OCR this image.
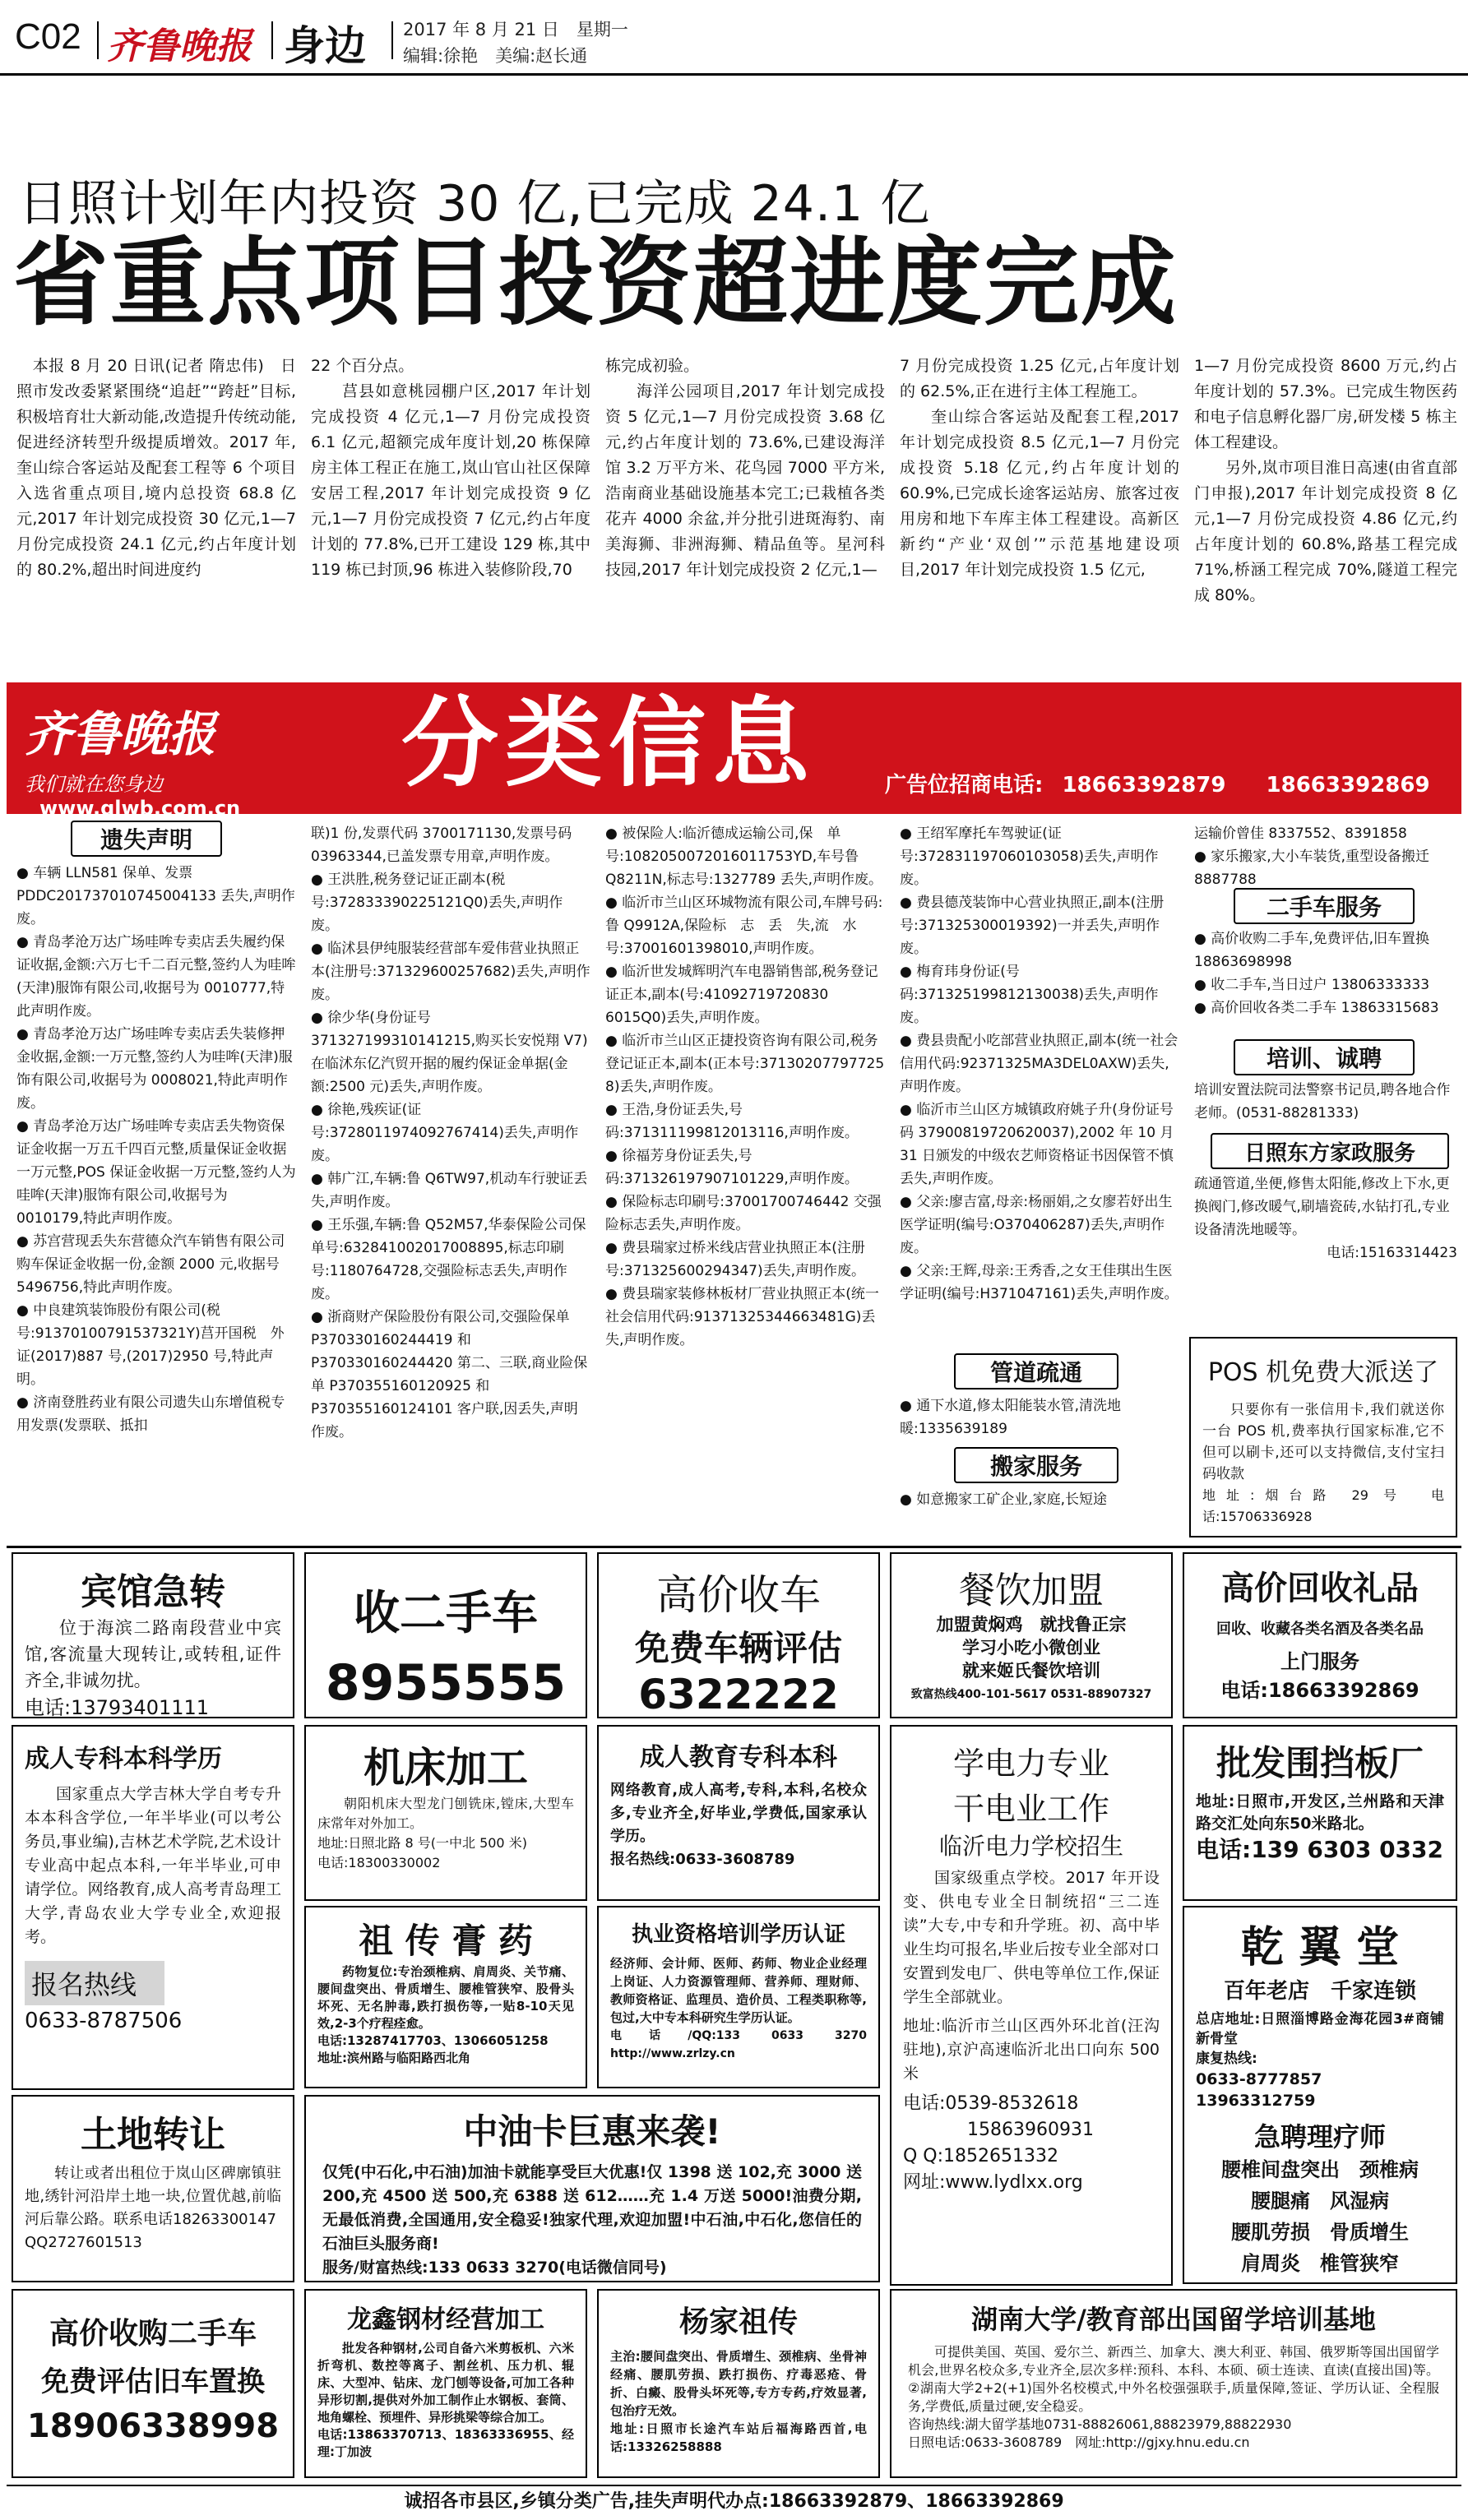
C02 齐鲁晚报 身边 2017 年 8 月 21 日　星期一
编辑:徐艳　美编:赵长通
日照计划年内投资 30 亿,已完成 24.1 亿
省重点项目投资超进度完成

　本报 8 月 20 日讯(记者 隋忠伟)　日照市发改委紧紧围绕“追赶”“跨赶”目标,积极培育壮大新动能,改造提升传统动能,促进经济转型升级提质增效。2017 年,奎山综合客运站及配套工程等 6 个项目入选省重点项目,境内总投资 68.8 亿元,2017 年计划完成投资 30 亿元,1—7 月份完成投资 24.1 亿元,约占年度计划的 80.2%,超出时间进度约

22 个百分点。

莒县如意桃园棚户区,2017 年计划完成投资 4 亿元,1—7 月份完成投资 6.1 亿元,超额完成年度计划,20 栋保障房主体工程正在施工,岚山官山社区保障安居工程,2017 年计划完成投资 9 亿元,1—7 月份完成投资 7 亿元,约占年度计划的 77.8%,已开工建设 129 栋,其中 119 栋已封顶,96 栋进入装修阶段,70

栋完成初验。

海洋公园项目,2017 年计划完成投资 5 亿元,1—7 月份完成投资 3.68 亿元,约占年度计划的 73.6%,已建设海洋馆 3.2 万平方米、花鸟园 7000 平方米,浩南商业基础设施基本完工;已栽植各类花卉 4000 余盆,并分批引进斑海豹、南美海狮、非洲海狮、精品鱼等。星河科技园,2017 年计划完成投资 2 亿元,1—

7 月份完成投资 1.25 亿元,占年度计划的 62.5%,正在进行主体工程施工。

奎山综合客运站及配套工程,2017 年计划完成投资 8.5 亿元,1—7 月份完成投资 5.18 亿元,约占年度计划的 60.9%,已完成长途客运站房、旅客过夜用房和地下车库主体工程建设。高新区新约“产业‘双创’”示范基地建设项目,2017 年计划完成投资 1.5 亿元,

1—7 月份完成投资 8600 万元,约占年度计划的 57.3%。已完成生物医药和电子信息孵化器厂房,研发楼 5 栋主体工程建设。

另外,岚市项目淮日高速(由省直部门申报),2017 年计划完成投资 8 亿元,1—7 月份完成投资 4.86 亿元,约占年度计划的 60.8%,路基工程完成 71%,桥涵工程完成 70%,隧道工程完成 80%。

齐鲁晚报
我们就在您身边 www.qlwb.com.cn
分类信息	广告位招商电话: 18663392879 18663392869
遗失声明

● 车辆 LLN581 保单、发票 PDDC201737010745004133 丢失,声明作废。

● 青岛孝沧万达广场哇哞专卖店丢失履约保证收据,金额:六万七千二百元整,签约人为哇哞(天津)服饰有限公司,收据号为 0010777,特此声明作废。

● 青岛孝沧万达广场哇哞专卖店丢失装修押金收据,金额:一万元整,签约人为哇哞(天津)服饰有限公司,收据号为 0008021,特此声明作废。

● 青岛孝沧万达广场哇哞专卖店丢失物资保证金收据一万五千四百元整,质量保证金收据一万元整,POS 保证金收据一万元整,签约人为哇哞(天津)服饰有限公司,收据号为 0010179,特此声明作废。

● 苏宫营现丢失东营德众汽车销售有限公司购车保证金收据一份,金额 2000 元,收据号 5496756,特此声明作废。

● 中良建筑装饰股份有限公司(税号:913701007915373​21Y)莒开国税　外证(2017)887 号,(2017)2950 号,特此声明。

● 济南登胜药业有限公司遗失山东增值税专用发票(发票联、抵扣

联)1 份,发票代码 3700171130,发票号码 03963344,已盖发票专用章,声明作废。

● 王洪胜,税务登记证正副本(税号:37283339022512​1Q0)丢失,声明作废。

● 临沭县伊纯服装经营部车爱伟营业执照正本(注册号:371329600257682)丢失,声明作废。

● 徐少华(身份证号 371327199310141215,购买长安悦翔 V7)在临沭东亿汽贸开据的履约保证金单据(金额:2500 元)丢失,声明作废。

● 徐艳,残疾证(证号:37280119740927674​14)丢失,声明作废。

● 韩广江,车辆:鲁 Q6TW97,机动车行驶证丢失,声明作废。

● 王乐强,车辆:鲁 Q52M57,华泰保险公司保单号:63284100​2017008895,标志印刷号:1180764728,交强险标志丢失,声明作废。

● 浙商财产保险股份有限公司,交强险保单 P370330160244419 和 P370330160244420 第二、三联,商业险保单 P370355160120925 和 P370355160124101 客户联,因丢失,声明作废。

● 被保险人:临沂德成运输公司,保　单　号:1082050072016011753YD,车号鲁 Q8211N,标志号:1327789 丢失,声明作废。

● 临沂市兰山区环城物流有限公司,车牌号码:鲁 Q9912A,保险标　志　丢　失,流　水　号:37001601398010,声明作废。

● 临沂世发城辉明汽车电器销售部,税务登记证正本,副本(号:41092719720830​6015Q0)丢失,声明作废。

● 临沂市兰山区正捷投资咨询有限公司,税务登记证正本,副本(正本号:37130207797725​8)丢失,声明作废。

● 王浩,身份证丢失,号码:37131119981201311​6,声明作废。

● 徐福芳身份证丢失,号码:37132619790710122​9,声明作废。

● 保险标志印刷号:37001700746442 交强险标志丢失,声明作废。

● 费县瑞家过桥米线店营业执照正本(注册号:371325600294347)丢失,声明作废。

● 费县瑞家装修林板材厂营业执照正本(统一社会信用代码:913713253446634​81G)丢失,声明作废。

● 王绍军摩托车驾驶证(证号:37283119706010​3058)丢失,声明作废。

● 费县德茂装饰中心营业执照正,副本(注册号:371325300019392)一并丢失,声明作废。

● 梅育玮身份证(号码:37132519981213003​8)丢失,声明作废。

● 费县贵配小吃部营业执照正,副本(统一社会信用代码:92371325MA3DEL0AXW)丢失,声明作废。

● 临沂市兰山区方城镇政府姚子升(身份证号码 37900819720620037),2002 年 10 月 31 日颁发的中级农艺师资格证书因保管不慎丢失,声明作废。

● 父亲:廖吉富,母亲:杨丽娟,之女廖若妤出生医学证明(编号:O370406287)丢失,声明作废。

● 父亲:王辉,母亲:王秀香,之女王佳琪出生医学证明(编号:H371047161)丢失,声明作废。

管道疏通

● 通下水道,修太阳能装水管,清洗地暖:13356​39189

搬家服务

● 如意搬家工矿企业,家庭,长短途

运输价曾佳 8337552、8391858

● 家乐搬家,大小车装货,重型设备搬迁 8887788

二手车服务

● 高价收购二手车,免费评估,旧车置换 18863698998

● 收二手车,当日过户 13806333333

● 高价回收各类二手车 13863315683

培训、诚聘

培训安置法院司法警察书记员,聘各地合作老师。(0531-88281333)

日照东方家政服务

疏通管道,坐便,修售太阳能,修改上下水,更换阀门,修改暖气,刷墙瓷砖,水钻打孔,专业设备清洗地暖等。

电话:15163314423

POS 机免费大派送了
只要你有一张信用卡,我们就送你一台 POS 机,费率执行国家标准,它不但可以刷卡,还可以支持微信,支付宝扫码收款
地址:烟台路 29 号　电话:15706336928
宾馆急转
位于海滨二路南段营业中宾馆,客流量大现转让,或转租,证件齐全,非诚勿扰。
电话:13793401111
收二手车
8955555
高价收车
免费车辆评估
6322222
餐饮加盟
加盟黄焖鸡　就找鲁正宗
学习小吃小微创业
就来姬氏餐饮培训
致富热线400-101-5617 0531-88907327
高价回收礼品
回收、收藏各类名酒及各类名品
上门服务
电话:18663392869
成人专科本科学历
国家重点大学吉林大学自考专升本本科含学位,一年半毕业(可以考公务员,事业编),吉林艺术学院,艺术设计专业高中起点本科,一年半毕业,可申请学位。网络教育,成人高考青岛理工大学,青岛农业大学专业全,欢迎报考。
报名热线
0633-8787506
机床加工
朝阳机床大型龙门刨铣床,镗床,大型车床常年对外加工。
地址:日照北路 8 号(一中北 500 米)
电话:18300330002
成人教育专科本科
网络教育,成人高考,专科,本科,名校众多,专业齐全,好毕业,学费低,国家承认学历。
报名热线:0633-3608789
学电力专业
干电业工作
临沂电力学校招生
国家级重点学校。2017 年开设变、供电专业全日制统招“三二连读”大专,中专和升学班。初、高中毕业生均可报名,毕业后按专业全部对口安置到发电厂、供电等单位工作,保证学生全部就业。
地址:临沂市兰山区西外环北首(汪沟驻地),京沪高速临沂北出口向东 500 米
电话:0539-8532618
15863960931
Q Q:1852651332
网址:www.lydlxx.org
批发围挡板厂
地址:日照市,开发区,兰州路和天津路交汇处向东50米路北。
电话:139 6303 0332
祖 传 膏 药
药物复位:专治颈椎病、肩周炎、关节痛、腰间盘突出、骨质增生、腰椎管狭窄、股骨头坏死、无名肿毒,跌打损伤等,一贴8-10天见效,2-3个疗程痊愈。
电话:13287417703、13066051258
地址:滨州路与临阳路西北角
执业资格培训学历认证
经济师、会计师、医师、药师、物业企业经理上岗证、人力资源管理师、营养师、理财师、教师资格证、监理员、造价员、工程类职称等,包过,大中专本科研究生学历认证。
电话/QQ:133 0633 3270 http://www.zrlzy.cn
乾 翼 堂
百年老店　千家连锁
总店地址:日照淄博路金海花园3#商铺新骨堂
康复热线:
0633-8777857 13963312759
急聘理疗师
腰椎间盘突出　颈椎病
腰腿痛　风湿病
腰肌劳损　骨质增生
肩周炎　椎管狭窄
土地转让
转让或者出租位于岚山区碑廓镇驻地,绣针河沿岸土地一块,位置优越,前临河后靠公路。联系电话18263300147
QQ2727601513
中油卡巨惠来袭!
仅凭(中石化,中石油)加油卡就能享受巨大优惠!仅 1398 送 102,充 3000 送 200,充 4500 送 500,充 6388 送 612……充 1.4 万送 5000!油费分期,无最低消费,全国通用,安全稳妥!独家代理,欢迎加盟!中石油,中石化,您信任的石油巨头服务商!
服务/财富热线:133 0633 3270(电话微信同号)
高价收购二手车
免费评估旧车置换
18906338998
龙鑫钢材经营加工
批发各种钢材,公司自备六米剪板机、六米折弯机、数控等离子、割丝机、压力机、辊床、大型冲、钻床、龙门刨等设备,可加工各种异形切割,提供对外加工制作止水钢板、套筒、地角螺栓、预埋件、异形挑梁等综合加工。
电话:13863370713、18363336955、经理:丁加波
杨家祖传
主治:腰间盘突出、骨质增生、颈椎病、坐骨神经痛、腰肌劳损、跌打损伤、疗毒恶疮、骨折、白癜、股骨头坏死等,专方专药,疗效显著,包治疗无效。
地址:日照市长途汽车站后福海路西首,电话:13326258888
湖南大学/教育部出国留学培训基地
可提供美国、英国、爱尔兰、新西兰、加拿大、澳大利亚、韩国、俄罗斯等国出国留学机会,世界名校众多,专业齐全,层次多样:预科、本科、本硕、硕士连读、直读(直接出国)等。②湖南大学2+2(+1)国外名校模式,中外名校强强联手,质量保障,签证、学历认证、全程服务,学费低,质量过硬,安全稳妥。
咨询热线:湖大留学基地0731-88826061,88823979,88822930
日照电话:0633-3608789　网址:http://gjxy.hnu.edu.cn
诚招各市县区,乡镇分类广告,挂失声明代办点:18663392879、18663392869
